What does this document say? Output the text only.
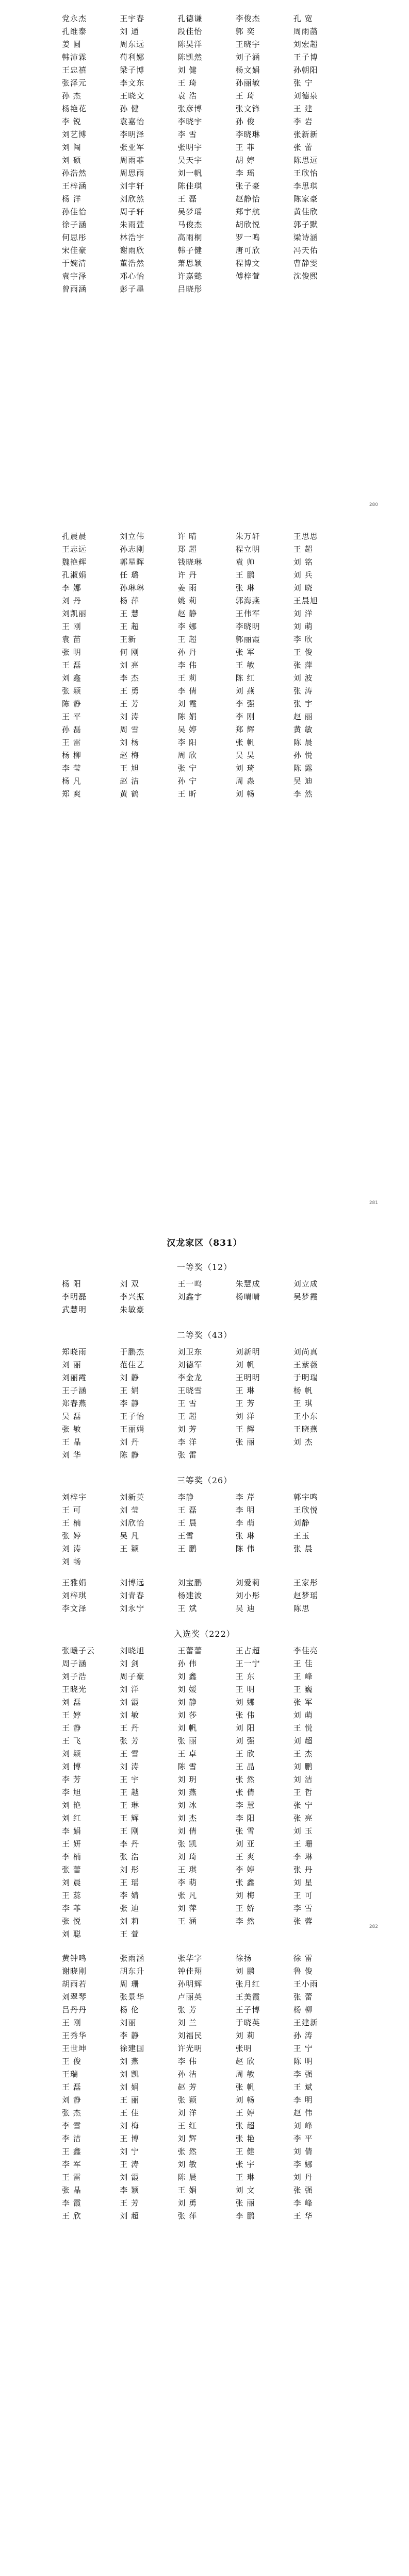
党永杰	王宇春	孔德谦	李俊杰	孔 宽
孔维泰	刘 通	段佳怡	郭 奕	周雨菡
姜 圆	周东远	陈昊洋	王晓宇	刘宏超
韩沛霖	荀利娜	陈凯然	刘子涵	王子博
王忠禧	梁子博	刘 健	杨文娟	孙朝阳
张泽元	李文东	王 琦	孙丽敏	张 宁
孙 杰	王晓文	袁 浩	王 琦	刘德泉
杨艳花	孙 健	张彦博	张文锋	王 建
李 锐	袁嘉怡	李晓宇	孙 俊	李 岩
刘艺博	李明泽	李 雪	李晓琳	张新新
刘 闯	张亚军	张明宇	王 菲	张 蕾
刘 硕	周雨菲	吴天宇	胡 婷	陈思远
孙浩然	周思雨	刘一帆	李 瑶	王欣怡
王梓涵	刘宇轩	陈佳琪	张子豪	李思琪
杨 洋	刘欣然	王 磊	赵静怡	陈家豪
孙佳怡	周子轩	吴梦瑶	郑宇航	黄佳欣
徐子涵	朱雨萱	马俊杰	胡欣悦	郭子默
何思彤	林浩宇	高雨桐	罗一鸣	梁诗涵
宋佳豪	谢雨欣	韩子健	唐可欣	冯天佑
于婉清	董浩然	萧思颖	程博文	曹静雯
袁宇泽	邓心怡	许嘉懿	傅梓萱	沈俊熙
曾雨涵	彭子墨	吕晓彤
280
孔晨晨	刘立伟	许 晴	朱万轩	王思思
王志远	孙志刚	郑 超	程立明	王 超
魏艳辉	郭星晖	钱晓琳	袁 帅	刘 铭
孔淑娟	任 璐	许 丹	王 鹏	刘 兵
李 娜	孙琳琳	姜 雨	张 琳	刘 晓
刘 丹	杨 萍	姚 莉	郭海燕	王晨旭
刘凯丽	王 慧	赵 静	王伟军	刘 洋
王 刚	王 超	李 娜	李晓明	刘 萌
袁 苗	王新	王 超	郭丽霞	李 欣
张 明	何 刚	孙 丹	张 军	王 俊
王 磊	刘 亮	李 伟	王 敏	张 萍
刘 鑫	李 杰	王 莉	陈 红	刘 波
张 颖	王 勇	李 倩	刘 燕	张 涛
陈 静	王 芳	刘 霞	李 强	张 宇
王 平	刘 涛	陈 娟	李 刚	赵 丽
孙 磊	周 雪	吴 婷	郑 辉	黄 敏
王 雷	刘 杨	李 阳	张 帆	陈 晨
杨 柳	赵 梅	周 欣	吴 昊	孙 悦
李 莹	王 旭	张 宁	刘 琦	陈 露
杨 凡	赵 洁	孙 宁	周 淼	吴 迪
郑 爽	黄 鹤	王 昕	刘 畅	李 然
281
汉龙家区（831）
一等奖（12）
杨 阳	刘 双	王一鸣	朱慧成	刘立成
李明磊	李兴振	刘鑫宇	杨晴晴	吴梦霞
武慧明	朱敏豪
二等奖（43）
郑晓雨	于鹏杰	刘卫东	刘新明	刘尚真
刘 丽	范佳艺	刘德军	刘 帆	王紫薇
刘丽霞	刘 静	李金龙	王明明	于明瑞
王子涵	王 娟	王晓雪	王 琳	杨 帆
郑春燕	李 静	王 雪	王 芳	王 琪
吴 磊	王子怡	王 超	刘 洋	王小东
张 敏	王丽娟	刘 芳	王 辉	王晓燕
王 晶	刘 丹	李 洋	张 丽	刘 杰
刘 华	陈 静	张 雷
三等奖（26）
刘梓宇	刘新英	李静	李 芹	郭宇鸣
王 可	刘 莹	王 磊	李 明	王欣悦
王 楠	刘欣怡	王 晨	李 萌	刘静
张 婷	吴 凡	王雪	张 琳	王玉
刘 涛	王 颖	王 鹏	陈 伟	张 晨
刘 畅
王雅娟	刘博远	刘宝鹏	刘爱莉	王家彤
刘梓琪	刘青春	杨建波	刘小彤	赵梦瑶
李文泽	刘永宁	王 斌	吴 迪	陈思
入选奖（222）
张曦子云	刘晓旭	王蕾蕾	王占超	李佳亮
周子涵	刘 剑	孙 伟	王一宁	王 佳
刘子浩	周子豪	刘 鑫	王 东	王 峰
王晓光	刘 洋	刘 媛	王 明	王 巍
刘 磊	刘 霞	刘 静	刘 娜	张 军
王 婷	刘 敏	刘 莎	张 伟	刘 萌
王 静	王 丹	刘 帆	刘 阳	王 悦
王 飞	张 芳	张 丽	刘 强	刘 超
刘 颖	王 雪	王 卓	王 欣	王 杰
刘 博	刘 涛	陈 雪	王 晶	刘 鹏
李 芳	王 宇	刘 玥	张 然	刘 洁
李 旭	王 越	刘 燕	张 倩	王 哲
刘 艳	王 琳	刘 冰	李 慧	张 宁
刘 红	王 辉	刘 杰	李 阳	张 亮
李 娟	王 刚	刘 倩	张 雪	刘 玉
王 妍	李 丹	张 凯	刘 亚	王 珊
李 楠	张 浩	刘 琦	王 爽	李 琳
张 蕾	刘 彤	王 琪	李 婷	张 丹
刘 晨	王 瑶	李 萌	张 鑫	刘 星
王 蕊	李 婧	张 凡	刘 梅	王 可
李 菲	张 迪	刘 萍	王 娇	李 雪
张 悦	刘 莉	王 涵	李 然	张 蓉
刘 聪	王 萱
282
黄钟鸣	张雨涵	张华字	徐扬	徐 雷
谢晓刚	胡东升	钟佳翔	刘 鹏	鲁 俊
胡雨若	周 珊	孙明辉	张月红	王小雨
刘翠琴	张景华	卢丽英	王美霞	张 蕾
吕丹丹	杨 伦	张 芳	王子博	杨 柳
王 刚	刘丽	刘 兰	于晓英	王建新
王秀华	李 静	刘福民	刘 莉	孙 涛
王世坤	徐建国	许光明	张明	王 宁
王 俊	刘 燕	李 伟	赵 欣	陈 明
王瑞	刘 凯	孙 洁	周 敏	李 强
王 磊	刘 娟	赵 芳	张 帆	王 斌
刘 静	王 丽	张 颖	刘 畅	李 明
张 杰	王 佳	刘 洋	王 婷	赵 伟
李 雪	刘 梅	王 红	张 超	刘 峰
李 洁	王 博	刘 辉	张 艳	李 平
王 鑫	刘 宁	张 然	王 健	刘 倩
李 军	王 涛	刘 敏	张 宇	李 娜
王 雷	刘 霞	陈 晨	王 琳	刘 丹
张 晶	李 颖	王 娟	刘 文	张 强
李 霞	王 芳	刘 勇	张 丽	李 峰
王 欣	刘 超	张 萍	李 鹏	王 华
